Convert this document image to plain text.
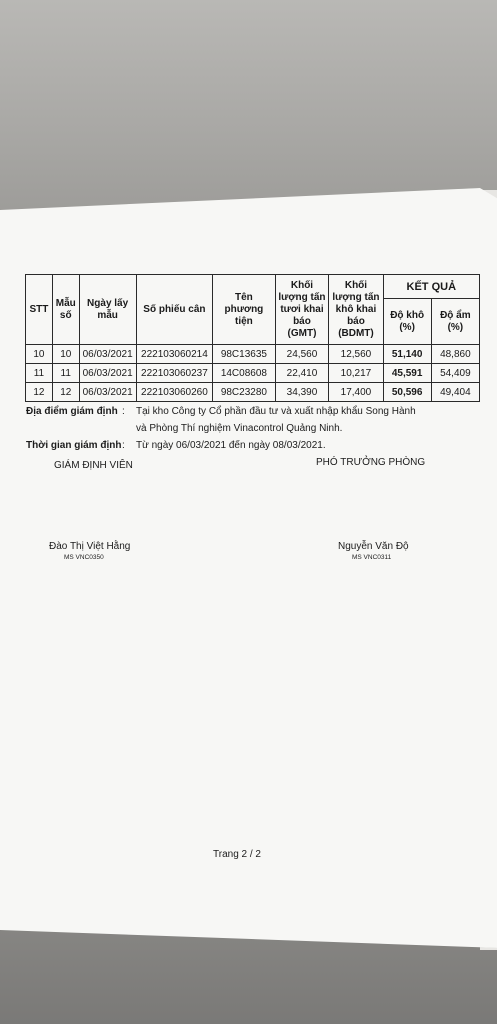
STT	Mẫu số	Ngày lấy mẫu	Số phiếu cân	Tên phương tiện	Khối lượng tấn tươi khai báo (GMT)	Khối lượng tấn khô khai báo (BDMT)	KẾT QUẢ	
							Độ khô (%)	Độ ẩm (%)
10	10	06/03/2021	222103060214	98C13635	24,560	12,560	51,140	48,860
11	11	06/03/2021	222103060237	14C08608	22,410	10,217	45,591	54,409
12	12	06/03/2021	222103060260	98C23280	34,390	17,400	50,596	49,404
Địa điểm giám định : Tại kho Công ty Cổ phần đầu tư và xuất nhập khẩu Song Hành
và Phòng Thí nghiệm Vinacontrol Quảng Ninh.
Thời gian giám định : Từ ngày 06/03/2021 đến ngày 08/03/2021.
GIÁM ĐỊNH VIÊN	PHÓ TRƯỞNG PHÒNG
Đào Thị Việt Hằng
MS VNC0350
Nguyễn Văn Độ
MS VNC0311
Trang 2 / 2
